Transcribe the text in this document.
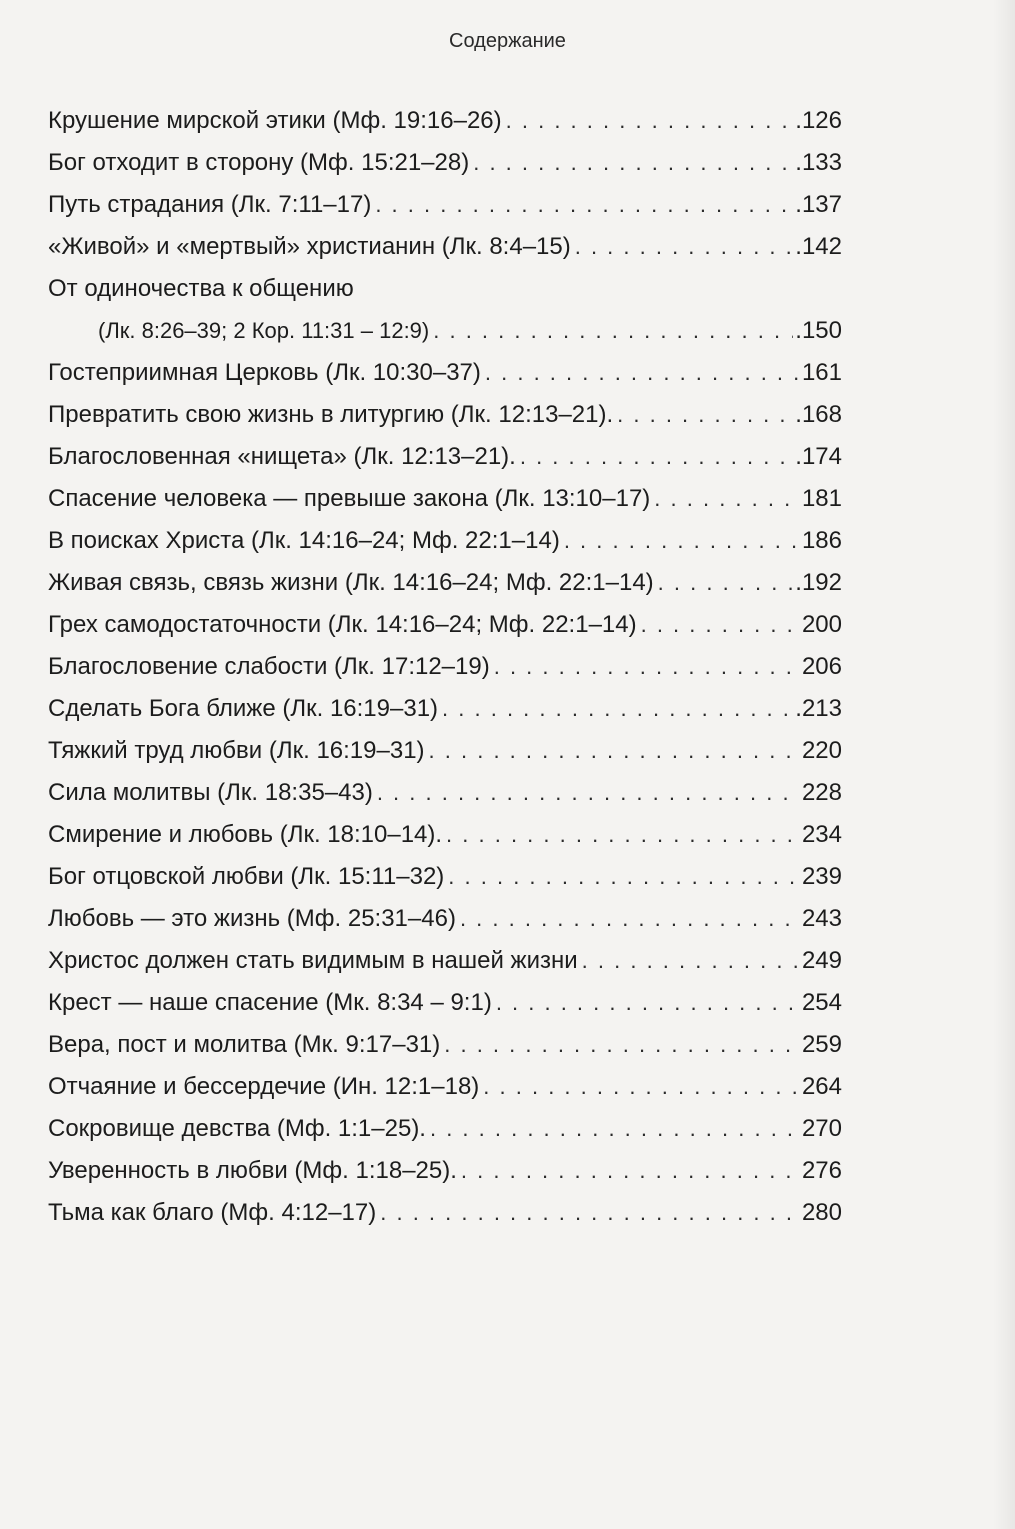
Содержание
Крушение мирской этики (Мф. 19:16–26) . . .	.126
Бог отходит в сторону (Мф. 15:21–28) . . .	.133
Путь страдания (Лк. 7:11–17) . . .	.137
«Живой» и «мертвый» христианин (Лк. 8:4–15) . . .	.142
От одиночества к общению
(Лк. 8:26–39; 2 Кор. 11:31 – 12:9) . . .	.150
Гостеприимная Церковь (Лк. 10:30–37) . . .	161
Превратить свою жизнь в литургию (Лк. 12:13–21). . . .	.168
Благословенная «нищета» (Лк. 12:13–21). . . .	.174
Спасение человека — превыше закона (Лк. 13:10–17) . . .	181
В поисках Христа (Лк. 14:16–24; Мф. 22:1–14) . . .	186
Живая связь, связь жизни (Лк. 14:16–24; Мф. 22:1–14) . . .	.192
Грех самодостаточности (Лк. 14:16–24; Мф. 22:1–14) . . .	200
Благословение слабости (Лк. 17:12–19) . . .	206
Сделать Бога ближе (Лк. 16:19–31) . . .	.213
Тяжкий труд любви (Лк. 16:19–31) . . .	220
Сила молитвы (Лк. 18:35–43) . . .	228
Смирение и любовь (Лк. 18:10–14). . . .	234
Бог отцовской любви (Лк. 15:11–32) . . .	239
Любовь — это жизнь (Мф. 25:31–46) . . .	243
Христос должен стать видимым в нашей жизни . . .	249
Крест — наше спасение (Мк. 8:34 – 9:1) . . .	254
Вера, пост и молитва (Мк. 9:17–31) . . .	259
Отчаяние и бессердечие (Ин. 12:1–18) . . .	264
Сокровище девства (Мф. 1:1–25). . . .	270
Уверенность в любви (Мф. 1:18–25). . . .	276
Тьма как благо (Мф. 4:12–17) . . .	280
